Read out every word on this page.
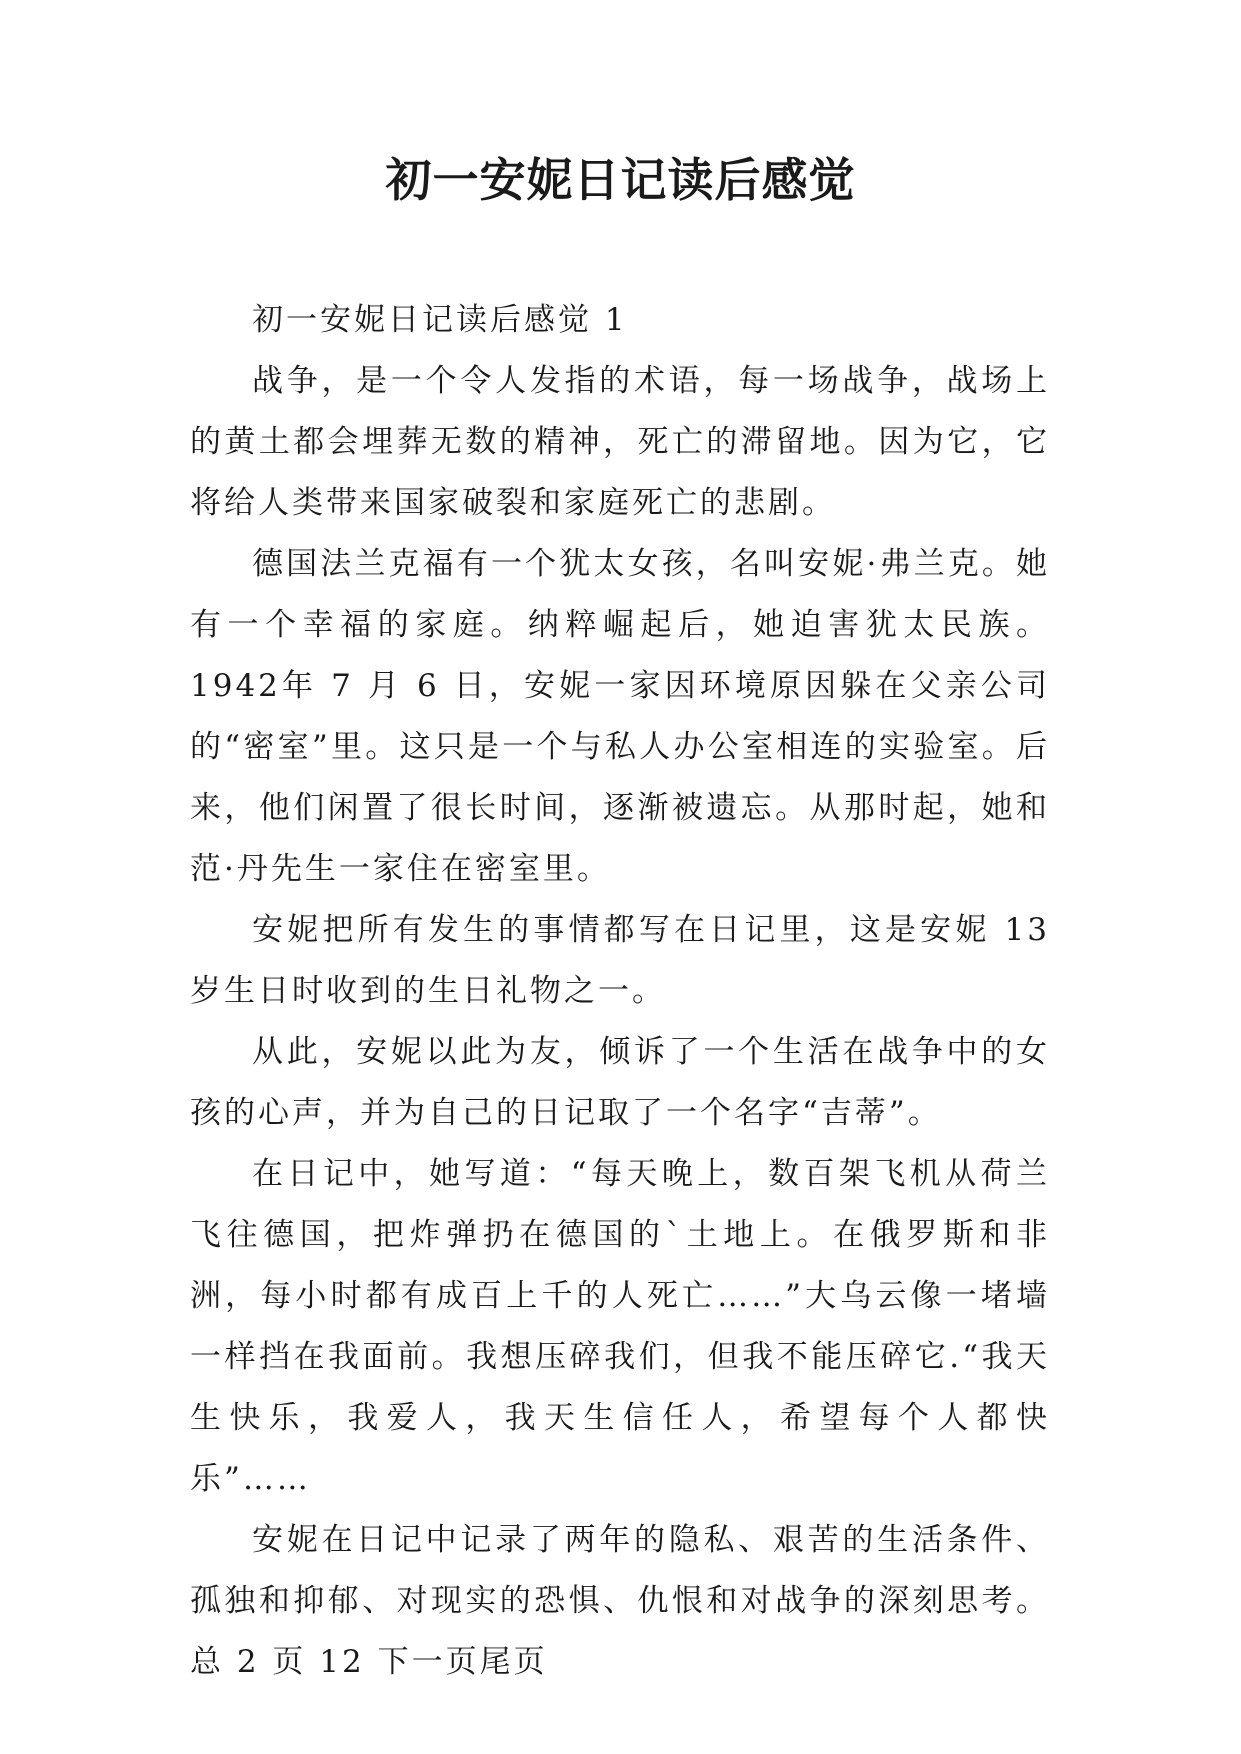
初一安妮日记读后感觉

初一安妮日记读后感觉 1

战争，是一个令人发指的术语，每一场战争，战场上的黄土都会埋葬无数的精神，死亡的滞留地。因为它，它将给人类带来国家破裂和家庭死亡的悲剧。

德国法兰克福有一个犹太女孩，名叫安妮·弗兰克。她有一个幸福的家庭。纳粹崛起后，她迫害犹太民族。1942年 7 月 6 日，安妮一家因环境原因躲在父亲公司的“密室”里。这只是一个与私人办公室相连的实验室。后来，他们闲置了很长时间，逐渐被遗忘。从那时起，她和范·丹先生一家住在密室里。

安妮把所有发生的事情都写在日记里，这是安妮 13 岁生日时收到的生日礼物之一。

从此，安妮以此为友，倾诉了一个生活在战争中的女孩的心声，并为自己的日记取了一个名字“吉蒂”。

在日记中，她写道：“每天晚上，数百架飞机从荷兰飞往德国，把炸弹扔在德国的`土地上。在俄罗斯和非洲，每小时都有成百上千的人死亡……”大乌云像一堵墙一样挡在我面前。我想压碎我们，但我不能压碎它.“我天生快乐，我爱人，我天生信任人，希望每个人都快乐”……

安妮在日记中记录了两年的隐私、艰苦的生活条件、孤独和抑郁、对现实的恐惧、仇恨和对战争的深刻思考。 总 2 页 12 下一页尾页
